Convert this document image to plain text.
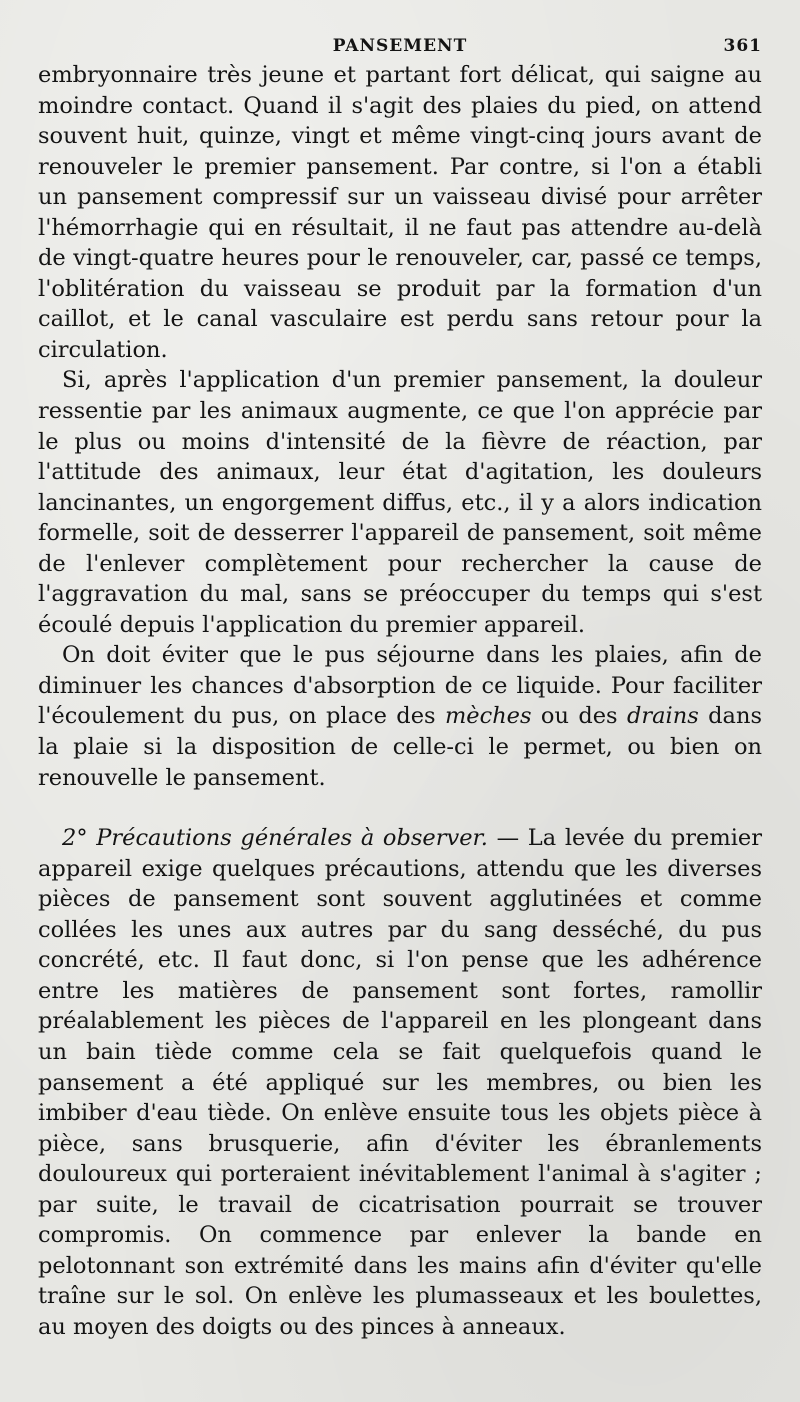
PANSEMENT	361

embryonnaire très jeune et partant fort délicat, qui saigne au moindre contact. Quand il s'agit des plaies du pied, on attend souvent huit, quinze, vingt et même vingt-cinq jours avant de renouveler le premier pansement. Par contre, si l'on a établi un pansement compressif sur un vaisseau divisé pour arrêter l'hémorrhagie qui en résultait, il ne faut pas attendre au-delà de vingt-quatre heures pour le renouveler, car, passé ce temps, l'oblitération du vaisseau se produit par la formation d'un caillot, et le canal vasculaire est perdu sans retour pour la circulation.

Si, après l'application d'un premier pansement, la douleur ressentie par les animaux augmente, ce que l'on apprécie par le plus ou moins d'intensité de la fièvre de réaction, par l'attitude des animaux, leur état d'agitation, les douleurs lancinantes, un engorgement diffus, etc., il y a alors indication formelle, soit de desserrer l'appareil de pansement, soit même de l'enlever complètement pour rechercher la cause de l'aggravation du mal, sans se préoccuper du temps qui s'est écoulé depuis l'application du premier appareil.

On doit éviter que le pus séjourne dans les plaies, afin de diminuer les chances d'absorption de ce liquide. Pour faciliter l'écoulement du pus, on place des mèches ou des drains dans la plaie si la disposition de celle-ci le permet, ou bien on renouvelle le pansement.

2° Précautions générales à observer. — La levée du premier appareil exige quelques précautions, attendu que les diverses pièces de pansement sont souvent agglutinées et comme collées les unes aux autres par du sang desséché, du pus concrété, etc. Il faut donc, si l'on pense que les adhérence entre les matières de pansement sont fortes, ramollir préalablement les pièces de l'appareil en les plongeant dans un bain tiède comme cela se fait quelquefois quand le pansement a été appliqué sur les membres, ou bien les imbiber d'eau tiède. On enlève ensuite tous les objets pièce à pièce, sans brusquerie, afin d'éviter les ébranlements douloureux qui porteraient inévitablement l'animal à s'agiter ; par suite, le travail de cicatrisation pourrait se trouver compromis. On commence par enlever la bande en pelotonnant son extrémité dans les mains afin d'éviter qu'elle traîne sur le sol. On enlève les plumasseaux et les boulettes, au moyen des doigts ou des pinces à anneaux.
